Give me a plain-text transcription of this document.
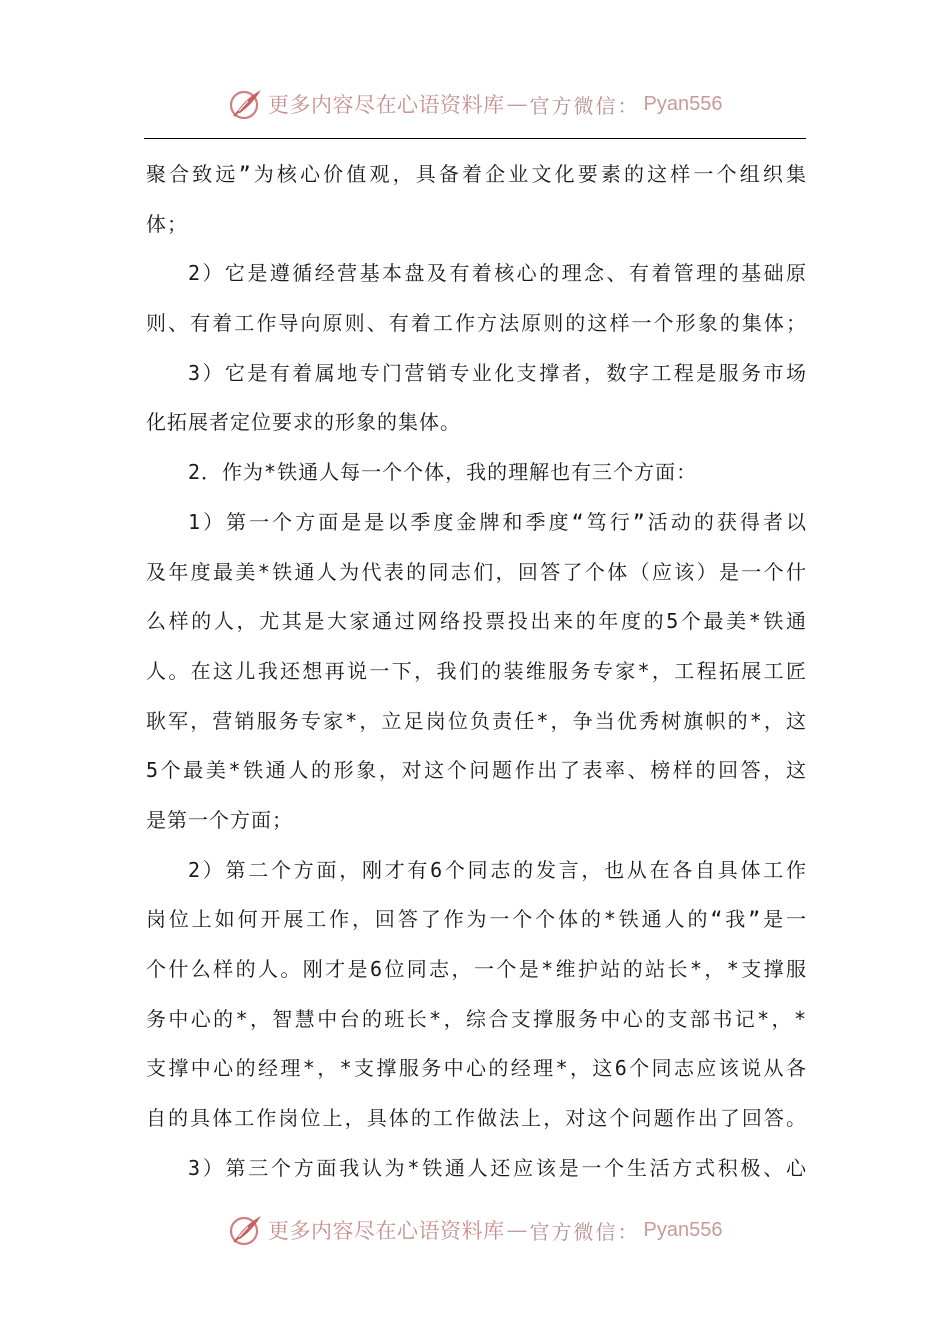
更多内容尽在心语资料库 — 官方微信： Pyan556
聚合致远”为核心价值观，具备着企业文化要素的这样一个组织集
体；
2）它是遵循经营基本盘及有着核心的理念、有着管理的基础原
则、有着工作导向原则、有着工作方法原则的这样一个形象的集体；
3）它是有着属地专门营销专业化支撑者，数字工程是服务市场
化拓展者定位要求的形象的集体。
2．作为*铁通人每一个个体，我的理解也有三个方面：
1）第一个方面是是以季度金牌和季度“笃行”活动的获得者以
及年度最美*铁通人为代表的同志们，回答了个体（应该）是一个什
么样的人，尤其是大家通过网络投票投出来的年度的5个最美*铁通
人。在这儿我还想再说一下，我们的装维服务专家*，工程拓展工匠
耿军，营销服务专家*，立足岗位负责任*，争当优秀树旗帜的*，这
5个最美*铁通人的形象，对这个问题作出了表率、榜样的回答，这
是第一个方面；
2）第二个方面，刚才有6个同志的发言，也从在各自具体工作
岗位上如何开展工作，回答了作为一个个体的*铁通人的“我”是一
个什么样的人。刚才是6位同志，一个是*维护站的站长*，*支撑服
务中心的*，智慧中台的班长*，综合支撑服务中心的支部书记*，*
支撑中心的经理*，*支撑服务中心的经理*，这6个同志应该说从各
自的具体工作岗位上，具体的工作做法上，对这个问题作出了回答。
3）第三个方面我认为*铁通人还应该是一个生活方式积极、心
更多内容尽在心语资料库 — 官方微信： Pyan556
